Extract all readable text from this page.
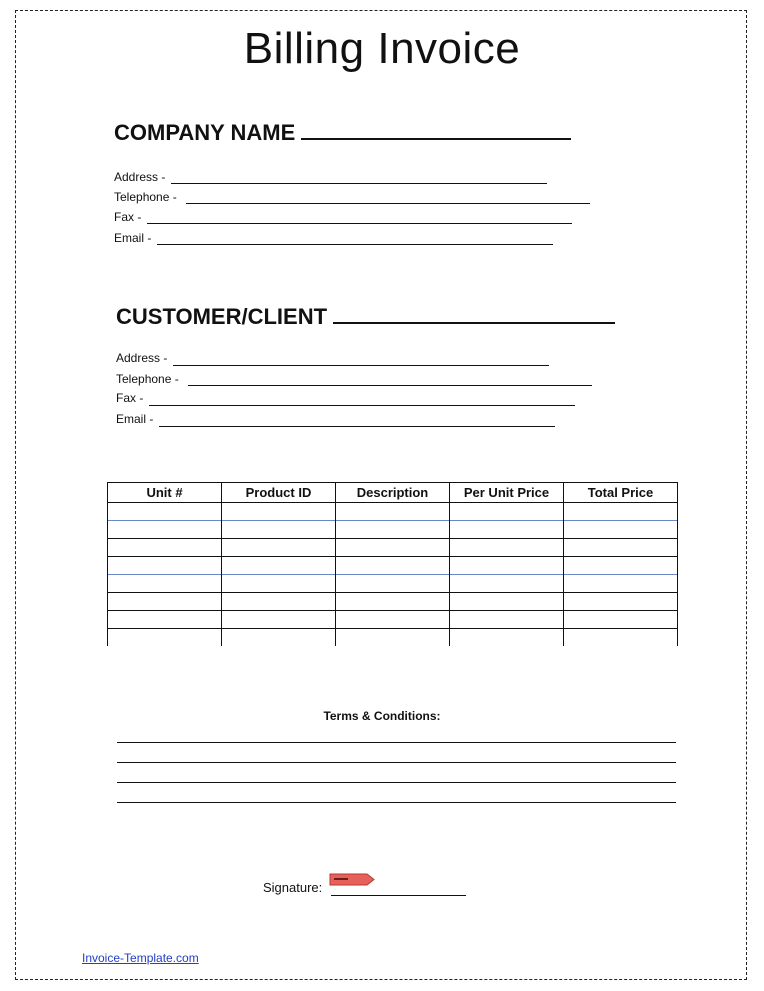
Billing Invoice
COMPANY NAME
Address -
Telephone -
Fax -
Email -
CUSTOMER/CLIENT
Address -
Telephone -
Fax -
Email -
Unit #	Product ID	Description	Per Unit Price	Total Price

Terms & Conditions:
Signature:
Invoice-Template.com
